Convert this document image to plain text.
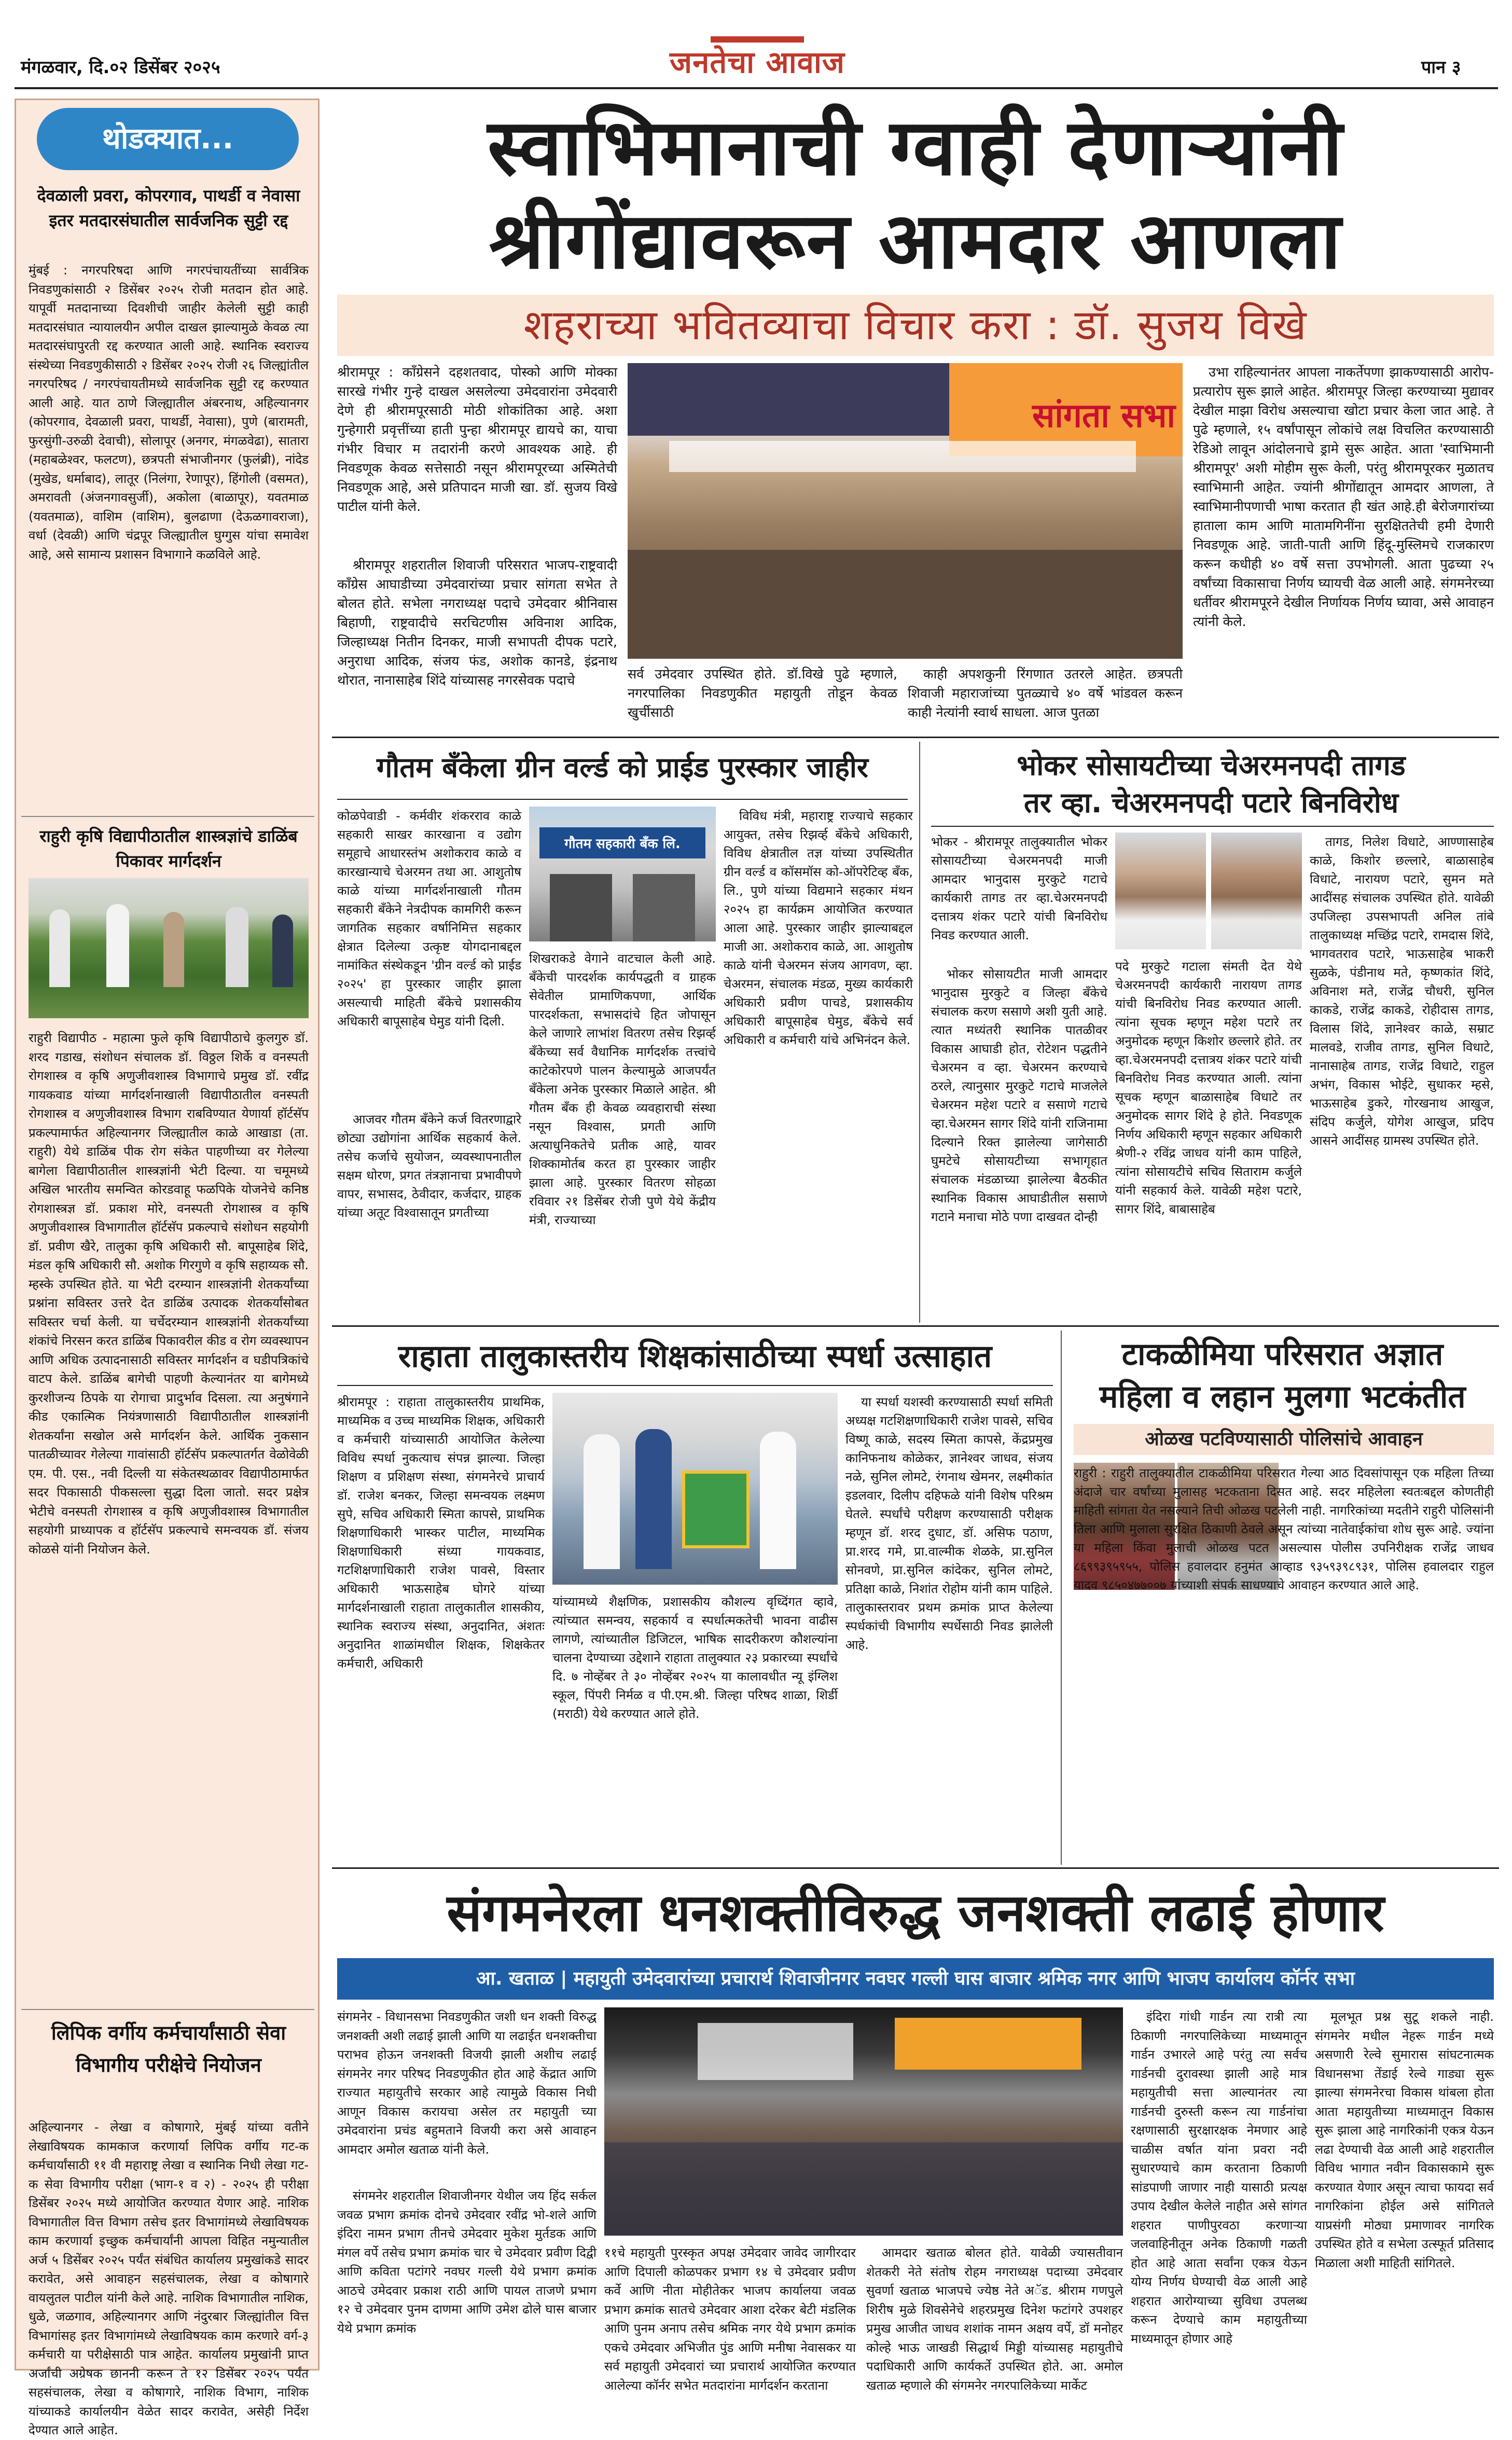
मंगळवार, दि.०२ डिसेंबर २०२५	जनतेचा आवाज	पान ३
थोडक्यात...
देवळाली प्रवरा, कोपरगाव, पाथर्डी व नेवासा इतर मतदारसंघातील सार्वजनिक सुट्टी रद्द

मुंबई : नगरपरिषदा आणि नगरपंचायतींच्या सार्वत्रिक निवडणुकांसाठी २ डिसेंबर २०२५ रोजी मतदान होत आहे. यापूर्वी मतदानाच्या दिवशीची जाहीर केलेली सुट्टी काही मतदारसंघात न्यायालयीन अपील दाखल झाल्यामुळे केवळ त्या मतदारसंघापुरती रद्द करण्यात आली आहे. स्थानिक स्वराज्य संस्थेच्या निवडणुकीसाठी २ डिसेंबर २०२५ रोजी २६ जिल्ह्यांतील नगरपरिषद / नगरपंचायतीमध्ये सार्वजनिक सुट्टी रद्द करण्यात आली आहे. यात ठाणे जिल्ह्यातील अंबरनाथ, अहिल्यानगर (कोपरगाव, देवळाली प्रवरा, पाथर्डी, नेवासा), पुणे (बारामती, फुरसुंगी-उरुळी देवाची), सोलापूर (अनगर, मंगळवेढा), सातारा (महाबळेश्वर, फलटण), छत्रपती संभाजीनगर (फुलंब्री), नांदेड (मुखेड, धर्माबाद), लातूर (निलंगा, रेणापूर), हिंगोली (वसमत), अमरावती (अंजनगावसुर्जी), अकोला (बाळापूर), यवतमाळ (यवतमाळ), वाशिम (वाशिम), बुलढाणा (देऊळगावराजा), वर्धा (देवळी) आणि चंद्रपूर जिल्ह्यातील घुग्गुस यांचा समावेश आहे, असे सामान्य प्रशासन विभागाने कळविले आहे.

राहुरी कृषि विद्यापीठातील शास्त्रज्ञांचे डाळिंब पिकावर मार्गदर्शन

राहुरी विद्यापीठ - महात्मा फुले कृषि विद्यापीठाचे कुलगुरु डॉ. शरद गडाख, संशोधन संचालक डॉ. विठ्ठल शिर्के व वनस्पती रोगशास्त्र व कृषि अणुजीवशास्त्र विभागाचे प्रमुख डॉ. रवींद्र गायकवाड यांच्या मार्गदर्शनाखाली विद्यापीठातील वनस्पती रोगशास्त्र व अणुजीवशास्त्र विभाग राबविण्यात येणार्या हॉर्टसॅप प्रकल्पामार्फत अहिल्यानगर जिल्ह्यातील काळे आखाडा (ता. राहुरी) येथे डाळिंब पीक रोग संकेत पाहणीच्या वर गेलेल्या बागेला विद्यापीठातील शास्त्रज्ञांनी भेटी दिल्या. या चमूमध्ये अखिल भारतीय समन्वित कोरडवाहू फळपिके योजनेचे कनिष्ठ रोगशास्त्रज्ञ डॉ. प्रकाश मोरे, वनस्पती रोगशास्त्र व कृषि अणुजीवशास्त्र विभागातील हॉर्टसॅप प्रकल्पाचे संशोधन सहयोगी डॉ. प्रवीण खैरे, तालुका कृषि अधिकारी सौ. बापूसाहेब शिंदे, मंडल कृषि अधिकारी सौ. अशोक गिरगुणे व कृषि सहाय्यक सौ. म्हस्के उपस्थित होते. या भेटी दरम्यान शास्त्रज्ञांनी शेतकर्यांच्या प्रश्नांना सविस्तर उत्तरे देत डाळिंब उत्पादक शेतकर्यांसोबत सविस्तर चर्चा केली. या चर्चेदरम्यान शास्त्रज्ञांनी शेतकर्यांच्या शंकांचे निरसन करत डाळिंब पिकावरील कीड व रोग व्यवस्थापन आणि अधिक उत्पादनासाठी सविस्तर मार्गदर्शन व घडीपत्रिकांचे वाटप केले. डाळिंब बागेची पाहणी केल्यानंतर या बागेमध्ये कुरशीजन्य ठिपके या रोगाचा प्रादुर्भाव दिसला. त्या अनुषंगाने कीड एकात्मिक नियंत्रणासाठी विद्यापीठातील शास्त्रज्ञांनी शेतकर्यांना सखोल असे मार्गदर्शन केले. आर्थिक नुकसान पातळीच्यावर गेलेल्या गावांसाठी हॉर्टसॅप प्रकल्पातर्गत वेळोवेळी एम. पी. एस., नवी दिल्ली या संकेतस्थळावर विद्यापीठामार्फत सदर पिकासाठी पीकसल्ला सुद्धा दिला जातो. सदर प्रक्षेत्र भेटीचे वनस्पती रोगशास्त्र व कृषि अणुजीवशास्त्र विभागातील सहयोगी प्राध्यापक व हॉर्टसॅप प्रकल्पाचे समन्वयक डॉ. संजय कोळसे यांनी नियोजन केले.

लिपिक वर्गीय कर्मचार्यांसाठी सेवा विभागीय परीक्षेचे नियोजन

अहिल्यानगर - लेखा व कोषागारे, मुंबई यांच्या वतीने लेखाविषयक कामकाज करणार्या लिपिक वर्गीय गट-क कर्मचार्यांसाठी ११ वी महाराष्ट्र लेखा व स्थानिक निधी लेखा गट-क सेवा विभागीय परीक्षा (भाग-१ व २) - २०२५ ही परीक्षा डिसेंबर २०२५ मध्ये आयोजित करण्यात येणार आहे. नाशिक विभागातील वित्त विभाग तसेच इतर विभागांमध्ये लेखाविषयक काम करणार्या इच्छुक कर्मचार्यांनी आपला विहित नमुन्यातील अर्ज ५ डिसेंबर २०२५ पर्यंत संबंधित कार्यालय प्रमुखांकडे सादर करावेत, असे आवाहन सहसंचालक, लेखा व कोषागारे वायलुतल पाटील यांनी केले आहे. नाशिक विभागातील नाशिक, धुळे, जळगाव, अहिल्यानगर आणि नंदुरबार जिल्ह्यांतील वित्त विभागांसह इतर विभागांमध्ये लेखाविषयक काम करणारे वर्ग-३ कर्मचारी या परीक्षेसाठी पात्र आहेत. कार्यालय प्रमुखांनी प्राप्त अर्जांची अग्रेषक छाननी करून ते १२ डिसेंबर २०२५ पर्यंत सहसंचालक, लेखा व कोषागारे, नाशिक विभाग, नाशिक यांच्याकडे कार्यालयीन वेळेत सादर करावेत, असेही निर्देश देण्यात आले आहेत.

स्वाभिमानाची ग्वाही देणाऱ्यांनी
श्रीगोंद्यावरून आमदार आणला
शहराच्या भवितव्याचा विचार करा : डॉ. सुजय विखे

श्रीरामपूर : काँग्रेसने दहशतवाद, पोस्को आणि मोक्का सारखे गंभीर गुन्हे दाखल असलेल्या उमेदवारांना उमेदवारी देणे ही श्रीरामपूरसाठी मोठी शोकांतिका आहे. अशा गुन्हेगारी प्रवृत्तींच्या हाती पुन्हा श्रीरामपूर द्यायचे का, याचा गंभीर विचार म तदारांनी करणे आवश्यक आहे. ही निवडणूक केवळ सत्तेसाठी नसून श्रीरामपूरच्या अस्मितेची निवडणूक आहे, असे प्रतिपादन माजी खा. डॉ. सुजय विखे पाटील यांनी केले.

श्रीरामपूर शहरातील शिवाजी परिसरात भाजप-राष्ट्रवादी काँग्रेस आघाडीच्या उमेदवारांच्या प्रचार सांगता सभेत ते बोलत होते. सभेला नगराध्यक्ष पदाचे उमेदवार श्रीनिवास बिहाणी, राष्ट्रवादीचे सरचिटणीस अविनाश आदिक, जिल्हाध्यक्ष नितीन दिनकर, माजी सभापती दीपक पटारे, अनुराधा आदिक, संजय फंड, अशोक कानडे, इंद्रनाथ थोरात, नानासाहेब शिंदे यांच्यासह नगरसेवक पदाचे

सांगता सभा

सर्व उमेदवार उपस्थित होते. डॉ.विखे पुढे म्हणाले, नगरपालिका निवडणुकीत महायुती तोडून केवळ खुर्चीसाठी

काही अपशकुनी रिंगणात उतरले आहेत. छत्रपती शिवाजी महाराजांच्या पुतळ्याचे ४० वर्षे भांडवल करून काही नेत्यांनी स्वार्थ साधला. आज पुतळा

उभा राहिल्यानंतर आपला नाकर्तेपणा झाकण्यासाठी आरोप-प्रत्यारोप सुरू झाले आहेत. श्रीरामपूर जिल्हा करण्याच्या मुद्यावर देखील माझा विरोध असल्याचा खोटा प्रचार केला जात आहे. ते पुढे म्हणाले, १५ वर्षांपासून लोकांचे लक्ष विचलित करण्यासाठी रेडिओ लावून आंदोलनाचे ड्रामे सुरू आहेत. आता 'स्वाभिमानी श्रीरामपूर' अशी मोहीम सुरू केली, परंतु श्रीरामपूरकर मुळातच स्वाभिमानी आहेत. ज्यांनी श्रीगोंद्यातून आमदार आणला, ते स्वाभिमानीपणाची भाषा करतात ही खंत आहे.ही बेरोजगारांच्या हाताला काम आणि मातामगिनींना सुरक्षिततेची हमी देणारी निवडणूक आहे. जाती-पाती आणि हिंदू-मुस्लिमचे राजकारण करून कधीही ४० वर्षे सत्ता उपभोगली. आता पुढच्या २५ वर्षांच्या विकासाचा निर्णय घ्यायची वेळ आली आहे. संगमनेरच्या धर्तीवर श्रीरामपूरने देखील निर्णायक निर्णय घ्यावा, असे आवाहन त्यांनी केले.

गौतम बँकेला ग्रीन वर्ल्ड को प्राईड पुरस्कार जाहीर

कोळपेवाडी - कर्मवीर शंकरराव काळे सहकारी साखर कारखाना व उद्योग समूहाचे आधारस्तंभ अशोकराव काळे व कारखान्याचे चेअरमन तथा आ. आशुतोष काळे यांच्या मार्गदर्शनाखाली गौतम सहकारी बँकेने नेत्रदीपक कामगिरी करून जागतिक सहकार वर्षानिमित्त सहकार क्षेत्रात दिलेल्या उत्कृष्ट योगदानाबद्दल नामांकित संस्थेकडून 'ग्रीन वर्ल्ड को प्राईड २०२५' हा पुरस्कार जाहीर झाला असल्याची माहिती बँकेचे प्रशासकीय अधिकारी बापूसाहेब घेमुड यांनी दिली.

आजवर गौतम बँकेने कर्ज वितरणाद्वारे छोट्या उद्योगांना आर्थिक सहकार्य केले. तसेच कर्जाचे सुयोजन, व्यवस्थापनातील सक्षम धोरण, प्रगत तंत्रज्ञानाचा प्रभावीपणे वापर, सभासद, ठेवीदार, कर्जदार, ग्राहक यांच्या अतूट विश्वासातून प्रगतीच्या

गौतम सहकारी बँक लि.

शिखराकडे वेगाने वाटचाल केली आहे. बँकेची पारदर्शक कार्यपद्धती व ग्राहक सेवेतील प्रामाणिकपणा, आर्थिक पारदर्शकता, सभासदांचे हित जोपासून केले जाणारे लाभांश वितरण तसेच रिझर्व्ह बँकेच्या सर्व वैधानिक मार्गदर्शक तत्त्वांचे काटेकोरपणे पालन केल्यामुळे आजपर्यंत बँकेला अनेक पुरस्कार मिळाले आहेत. श्री गौतम बँक ही केवळ व्यवहाराची संस्था नसून विश्वास, प्रगती आणि अत्याधुनिकतेचे प्रतीक आहे, यावर शिक्कामोर्तब करत हा पुरस्कार जाहीर झाला आहे. पुरस्कार वितरण सोहळा रविवार २१ डिसेंबर रोजी पुणे येथे केंद्रीय मंत्री, राज्याच्या

विविध मंत्री, महाराष्ट्र राज्याचे सहकार आयुक्त, तसेच रिझर्व्ह बँकेचे अधिकारी, विविध क्षेत्रातील तज्ञ यांच्या उपस्थितीत ग्रीन वर्ल्ड व कॉसमॉस को-ऑपरेटिव्ह बँक, लि., पुणे यांच्या विद्यमाने सहकार मंथन २०२५ हा कार्यक्रम आयोजित करण्यात आला आहे. पुरस्कार जाहीर झाल्याबद्दल माजी आ. अशोकराव काळे, आ. आशुतोष काळे यांनी चेअरमन संजय आगवण, व्हा. चेअरमन, संचालक मंडळ, मुख्य कार्यकारी अधिकारी प्रवीण पाचडे, प्रशासकीय अधिकारी बापूसाहेब घेमुड, बँकेचे सर्व अधिकारी व कर्मचारी यांचे अभिनंदन केले.

भोकर सोसायटीच्या चेअरमनपदी तागड
तर व्हा. चेअरमनपदी पटारे बिनविरोध

भोकर - श्रीरामपूर तालुक्यातील भोकर सोसायटीच्या चेअरमनपदी माजी आमदार भानुदास मुरकुटे गटाचे कार्यकारी तागड तर व्हा.चेअरमनपदी दत्तात्रय शंकर पटारे यांची बिनविरोध निवड करण्यात आली.

भोकर सोसायटीत माजी आमदार भानुदास मुरकुटे व जिल्हा बँकेचे संचालक करण ससाणे अशी युती आहे. त्यात मध्यंतरी स्थानिक पातळीवर विकास आघाडी होत, रोटेशन पद्धतीने चेअरमन व व्हा. चेअरमन करण्याचे ठरले, त्यानुसार मुरकुटे गटाचे माजलेले चेअरमन महेश पटारे व ससाणे गटाचे व्हा.चेअरमन सागर शिंदे यांनी राजिनामा दिल्याने रिक्त झालेल्या जागेसाठी घुमटेचे सोसायटीच्या सभागृहात संचालक मंडळाच्या झालेल्या बैठकीत स्थानिक विकास आघाडीतील ससाणे गटाने मनाचा मोठे पणा दाखवत दोन्ही

पदे मुरकुटे गटाला संमती देत येथे चेअरमनपदी कार्यकारी नारायण तागड यांची बिनविरोध निवड करण्यात आली. त्यांना सूचक म्हणून महेश पटारे तर अनुमोदक म्हणून किशोर छल्लारे होते. तर व्हा.चेअरमनपदी दत्तात्रय शंकर पटारे यांची बिनविरोध निवड करण्यात आली. त्यांना सूचक म्हणून बाळासाहेब विधाटे तर अनुमोदक सागर शिंदे हे होते. निवडणूक निर्णय अधिकारी म्हणून सहकार अधिकारी श्रेणी-२ रविंद्र जाधव यांनी काम पाहिले, त्यांना सोसायटीचे सचिव सिताराम कर्जुले यांनी सहकार्य केले. यावेळी महेश पटारे, सागर शिंदे, बाबासाहेब

तागड, निलेश विधाटे, आण्णासाहेब काळे, किशोर छल्लारे, बाळासाहेब विधाटे, नारायण पटारे, सुमन मते आदींसह संचालक उपस्थित होते. यावेळी उपजिल्हा उपसभापती अनिल तांबे तालुकाध्यक्ष मच्छिंद्र पटारे, रामदास शिंदे, भागवतराव पटारे, भाऊसाहेब भाकरी सुळके, पंडीनाथ मते, कृष्णकांत शिंदे, अविनाश मते, राजेंद्र चौधरी, सुनिल काकडे, राजेंद्र काकडे, रोहीदास तागड, विलास शिंदे, ज्ञानेश्वर काळे, सम्राट मालवडे, राजीव तागड, सुनिल विधाटे, नानासाहेब तागड, राजेंद्र विधाटे, राहुल अभंग, विकास भोईटे, सुधाकर म्हसे, भाऊसाहेब डुकरे, गोरखनाथ आखुज, संदिप कर्जुले, योगेश आखुज, प्रदिप आसने आदींसह ग्रामस्थ उपस्थित होते.

राहाता तालुकास्तरीय शिक्षकांसाठीच्या स्पर्धा उत्साहात

श्रीरामपूर : राहाता तालुकास्तरीय प्राथमिक, माध्यमिक व उच्च माध्यमिक शिक्षक, अधिकारी व कर्मचारी यांच्यासाठी आयोजित केलेल्या विविध स्पर्धा नुकत्याच संपन्न झाल्या. जिल्हा शिक्षण व प्रशिक्षण संस्था, संगमनेरचे प्राचार्य डॉ. राजेश बनकर, जिल्हा समन्वयक लक्ष्मण सुपे, सचिव अधिकारी स्मिता कापसे, प्राथमिक शिक्षणाधिकारी भास्कर पाटील, माध्यमिक शिक्षणाधिकारी संध्या गायकवाड, गटशिक्षणाधिकारी राजेश पावसे, विस्तार अधिकारी भाऊसाहेब घोगरे यांच्या मार्गदर्शनाखाली राहाता तालुकातील शासकीय, स्थानिक स्वराज्य संस्था, अनुदानित, अंशतः अनुदानित शाळांमधील शिक्षक, शिक्षकेतर कर्मचारी, अधिकारी

यांच्यामध्ये शैक्षणिक, प्रशासकीय कौशल्य वृध्दिंगत व्हावे, त्यांच्यात समन्वय, सहकार्य व स्पर्धात्मकतेची भावना वाढीस लागणे, त्यांच्यातील डिजिटल, भाषिक सादरीकरण कौशल्यांना चालना देण्याच्या उद्देशाने राहाता तालुक्यात २३ प्रकारच्या स्पर्धांचे दि. ७ नोव्हेंबर ते ३० नोव्हेंबर २०२५ या कालावधीत न्यू इंग्लिश स्कूल, पिंपरी निर्मळ व पी.एम.श्री. जिल्हा परिषद शाळा, शिर्डी (मराठी) येथे करण्यात आले होते.

या स्पर्धा यशस्वी करण्यासाठी स्पर्धा समिती अध्यक्ष गटशिक्षणाधिकारी राजेश पावसे, सचिव विष्णू काळे, सदस्य स्मिता कापसे, केंद्रप्रमुख कानिफनाथ कोळेकर, ज्ञानेश्वर जाधव, संजय नळे, सुनिल लोमटे, रंगनाथ खेमनर, लक्ष्मीकांत इडलवार, दिलीप दहिफळे यांनी विशेष परिश्रम घेतले. स्पर्धांचे परीक्षण करण्यासाठी परीक्षक म्हणून डॉ. शरद दुधाट, डॉ. असिफ पठाण, प्रा.शरद गमे, प्रा.वाल्मीक शेळके, प्रा.सुनिल सोनवणे, प्रा.सुनिल कांदेकर, सुनिल लोमटे, प्रतिक्षा काळे, निशांत रोहोम यांनी काम पाहिले. तालुकास्तरावर प्रथम क्रमांक प्राप्त केलेल्या स्पर्धकांची विभागीय स्पर्धेसाठी निवड झालेली आहे.

टाकळीमिया परिसरात अज्ञात
महिला व लहान मुलगा भटकंतीत
ओळख पटविण्यासाठी पोलिसांचे आवाहन

राहुरी : राहुरी तालुक्यातील टाकळीमिया परिसरात गेल्या आठ दिवसांपासून एक महिला तिच्या अंदाजे चार वर्षांच्या मुलासह भटकताना दिसत आहे. सदर महिलेला स्वतःबद्दल कोणतीही माहिती सांगता येत नसल्याने तिची ओळख पटलेली नाही. नागरिकांच्या मदतीने राहुरी पोलिसांनी तिला आणि मुलाला सुरक्षित ठिकाणी ठेवले असून त्यांच्या नातेवाईकांचा शोध सुरू आहे. ज्यांना या महिला किंवा मुलाची ओळख पटत असल्यास पोलीस उपनिरीक्षक राजेंद्र जाधव ८६९९३९५९५५, पोलिस हवालदार हनुमंत आव्हाड ९३५९३९८९३१, पोलिस हवालदार राहुल यादव ९८५०४७७००७ यांच्याशी संपर्क साधण्याचे आवाहन करण्यात आले आहे.

संगमनेरला धनशक्तीविरुद्ध जनशक्ती लढाई होणार
आ. खताळ | महायुती उमेदवारांच्या प्रचारार्थ शिवाजीनगर नवघर गल्ली घास बाजार श्रमिक नगर आणि भाजप कार्यालय कॉर्नर सभा

संगमनेर - विधानसभा निवडणुकीत जशी धन शक्ती विरुद्ध जनशक्ती अशी लढाई झाली आणि या लढाईत धनशक्तीचा पराभव होऊन जनशक्ती विजयी झाली अशीच लढाई संगमनेर नगर परिषद निवडणुकीत होत आहे केंद्रात आणि राज्यात महायुतीचे सरकार आहे त्यामुळे विकास निधी आणून विकास करायचा असेल तर महायुती च्या उमेदवारांना प्रचंड बहुमताने विजयी करा असे आवाहन आमदार अमोल खताळ यांनी केले.

संगमनेर शहरातील शिवाजीनगर येथील जय हिंद सर्कल जवळ प्रभाग क्रमांक दोनचे उमेदवार रवींद्र भो-शले आणि इंदिरा नामन प्रभाग तीनचे उमेदवार मुकेश मुर्तडक आणि मंगल वर्पे तसेच प्रभाग क्रमांक चार चे उमेदवार प्रवीण दिद्वी आणि कविता पटांगरे नवघर गल्ली येथे प्रभाग क्रमांक आठचे उमेदवार प्रकाश राठी आणि पायल ताजणे प्रभाग १२ चे उमेदवार पुनम दाणमा आणि उमेश ढोले घास बाजार येथे प्रभाग क्रमांक

११चे महायुती पुरस्कृत अपक्ष उमेदवार जावेद जागीरदार आणि दिपाली कोळपकर प्रभाग १४ चे उमेदवार प्रवीण कर्वे आणि नीता मोहीतेकर भाजप कार्यालया जवळ प्रभाग क्रमांक सातचे उमेदवार आशा दरेकर बेटी मंडलिक आणि पुनम अनाप तसेच श्रमिक नगर येथे प्रभाग क्रमांक एकचे उमेदवार अभिजीत पुंड आणि मनीषा नेवासकर या सर्व महायुती उमेदवारां च्या प्रचारार्थ आयोजित करण्यात आलेल्या कॉर्नर सभेत मतदारांना मार्गदर्शन करताना

आमदार खताळ बोलत होते. यावेळी ज्यासतीवान शेतकरी नेते संतोष रोहम नगराध्यक्ष पदाच्या उमेदवार सुवर्णा खताळ भाजपचे ज्येष्ठ नेते अॅड. श्रीराम गणपुले शिरीष मुळे शिवसेनेचे शहरप्रमुख दिनेश फटांगरे उपशहर प्रमुख आजीत जाधव शशांक नामन अक्षय वर्पे, डॉ मनोहर कोल्हे भाऊ जाखडी सिद्धार्थ मिड्डी यांच्यासह महायुतीचे पदाधिकारी आणि कार्यकर्ते उपस्थित होते. आ. अमोल खताळ म्हणाले की संगमनेर नगरपालिकेच्या मार्केट

इंदिरा गांधी गार्डन त्या रात्री त्या ठिकाणी नगरपालिकेच्या माध्यमातून गार्डन उभारले आहे परंतु त्या सर्वच गार्डनची दुरावस्था झाली आहे मात्र महायुतीची सत्ता आल्यानंतर त्या गार्डनची दुरुस्ती करून त्या गार्डनांचा रक्षणासाठी सुरक्षारक्षक नेमणार आहे चाळीस वर्षात यांना प्रवरा नदी सुधारण्याचे काम करताना ठिकाणी सांडपाणी जाणार नाही यासाठी प्रत्यक्ष उपाय देखील केलेले नाहीत असे सांगत शहरात पाणीपुरवठा करणाऱ्या जलवाहिनीतून अनेक ठिकाणी गळती होत आहे आता सर्वांना एकत्र येऊन योग्य निर्णय घेण्याची वेळ आली आहे शहरात आरोग्याच्या सुविधा उपलब्ध करून देण्याचे काम महायुतीच्या माध्यमातून होणार आहे

मूलभूत प्रश्न सुटू शकले नाही. संगमनेर मधील नेहरू गार्डन मध्ये असणारी रेल्वे सुमारास सांघटनात्मक विधानसभा तेंडाई रेल्वे गाड्या सुरू झाल्या संगमनेरचा विकास थांबला होता आता महायुतीच्या माध्यमातून विकास सुरू झाला आहे नागरिकांनी एकत्र येऊन लढा देण्याची वेळ आली आहे शहरातील विविध भागात नवीन विकासकामे सुरू करण्यात येणार असून त्याचा फायदा सर्व नागरिकांना होईल असे सांगितले याप्रसंगी मोठ्या प्रमाणावर नागरिक उपस्थित होते व सभेला उत्स्फूर्त प्रतिसाद मिळाला अशी माहिती सांगितले.
